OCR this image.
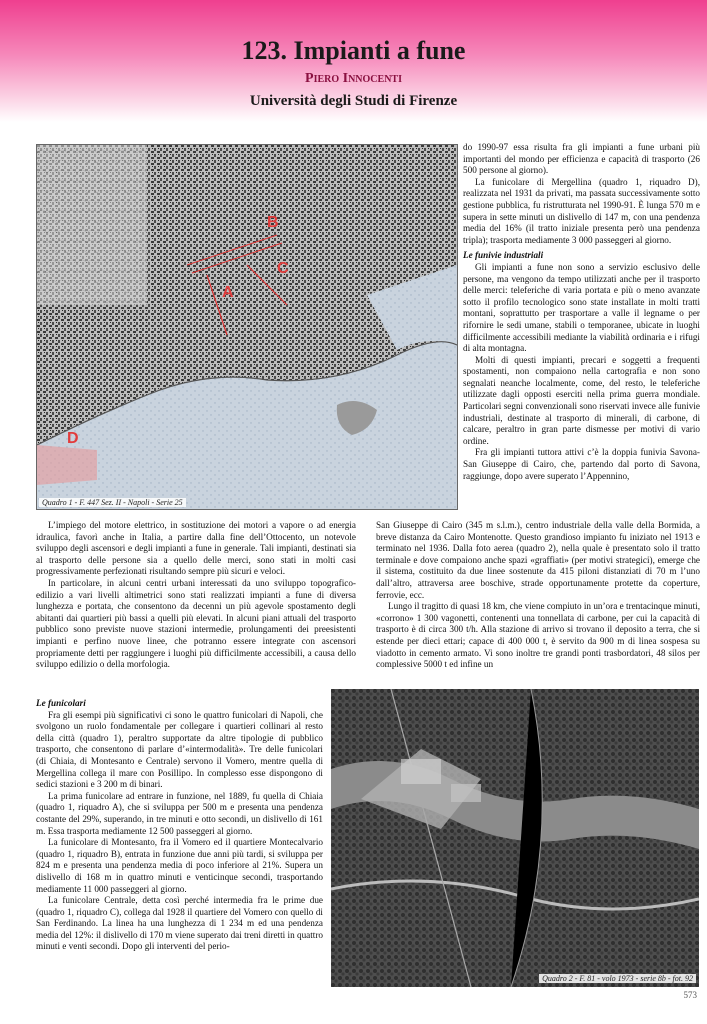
123. Impianti a fune
Piero Innocenti
Università degli Studi di Firenze
B
C
A
D
Quadro 1 - F. 447 Sez. II - Napoli - Serie 25

do 1990-97 essa risulta fra gli impianti a fune urbani più importanti del mondo per efficienza e capacità di trasporto (26 500 persone al giorno).

La funicolare di Mergellina (quadro 1, riquadro D), realizzata nel 1931 da privati, ma passata successivamente sotto gestione pubblica, fu ristrutturata nel 1990-91. È lunga 570 m e supera in sette minuti un dislivello di 147 m, con una pendenza media del 16% (il tratto iniziale presenta però una pendenza tripla); trasporta mediamente 3 000 passeggeri al giorno.

Le funivie industriali

Gli impianti a fune non sono a servizio esclusivo delle persone, ma vengono da tempo utilizzati anche per il trasporto delle merci: teleferiche di varia portata e più o meno avanzate sotto il profilo tecnologico sono state installate in molti tratti montani, soprattutto per trasportare a valle il legname o per rifornire le sedi umane, stabili o temporanee, ubicate in luoghi difficilmente accessibili mediante la viabilità ordinaria e i rifugi di alta montagna.

Molti di questi impianti, precari e soggetti a frequenti spostamenti, non compaiono nella cartografia e non sono segnalati neanche localmente, come, del resto, le teleferiche utilizzate dagli opposti eserciti nella prima guerra mondiale. Particolari segni convenzionali sono riservati invece alle funivie industriali, destinate al trasporto di minerali, di carbone, di calcare, peraltro in gran parte dismesse per motivi di vario ordine.

Fra gli impianti tuttora attivi c’è la doppia funivia Savona-San Giuseppe di Cairo, che, partendo dal porto di Savona, raggiunge, dopo avere superato l’Appennino,

L’impiego del motore elettrico, in sostituzione dei motori a vapore o ad energia idraulica, favorì anche in Italia, a partire dalla fine dell’Ottocento, un notevole sviluppo degli ascensori e degli impianti a fune in generale. Tali impianti, destinati sia al trasporto delle persone sia a quello delle merci, sono stati in molti casi progressivamente perfezionati risultando sempre più sicuri e veloci.

In particolare, in alcuni centri urbani interessati da uno sviluppo topografico-edilizio a vari livelli altimetrici sono stati realizzati impianti a fune di diversa lunghezza e portata, che consentono da decenni un più agevole spostamento degli abitanti dai quartieri più bassi a quelli più elevati. In alcuni piani attuali del trasporto pubblico sono previste nuove stazioni intermedie, prolungamenti dei preesistenti impianti e perfino nuove linee, che potranno essere integrate con ascensori propriamente detti per raggiungere i luoghi più difficilmente accessibili, a causa dello sviluppo edilizio o della morfologia.

San Giuseppe di Cairo (345 m s.l.m.), centro industriale della valle della Bormida, a breve distanza da Cairo Montenotte. Questo grandioso impianto fu iniziato nel 1913 e terminato nel 1936. Dalla foto aerea (quadro 2), nella quale è presentato solo il tratto terminale e dove compaiono anche spazi «graffiati» (per motivi strategici), emerge che il sistema, costituito da due linee sostenute da 415 piloni distanziati di 70 m l’uno dall’altro, attraversa aree boschive, strade opportunamente protette da coperture, ferrovie, ecc.

Lungo il tragitto di quasi 18 km, che viene compiuto in un’ora e trentacinque minuti, «corrono» 1 300 vagonetti, contenenti una tonnellata di carbone, per cui la capacità di trasporto è di circa 300 t/h. Alla stazione di arrivo si trovano il deposito a terra, che si estende per dieci ettari; capace di 400 000 t, è servito da 900 m di linea sospesa su viadotto in cemento armato. Vi sono inoltre tre grandi ponti trasbordatori, 48 silos per complessive 5000 t ed infine un

Le funicolari

Fra gli esempi più significativi ci sono le quattro funicolari di Napoli, che svolgono un ruolo fondamentale per collegare i quartieri collinari al resto della città (quadro 1), peraltro supportate da altre tipologie di pubblico trasporto, che consentono di parlare d’«intermodalità». Tre delle funicolari (di Chiaia, di Montesanto e Centrale) servono il Vomero, mentre quella di Mergellina collega il mare con Posillipo. In complesso esse dispongono di sedici stazioni e 3 200 m di binari.

La prima funicolare ad entrare in funzione, nel 1889, fu quella di Chiaia (quadro 1, riquadro A), che si sviluppa per 500 m e presenta una pendenza costante del 29%, superando, in tre minuti e otto secondi, un dislivello di 161 m. Essa trasporta mediamente 12 500 passeggeri al giorno.

La funicolare di Montesanto, fra il Vomero ed il quartiere Montecalvario (quadro 1, riquadro B), entrata in funzione due anni più tardi, si sviluppa per 824 m e presenta una pendenza media di poco inferiore al 21%. Supera un dislivello di 168 m in quattro minuti e venticinque secondi, trasportando mediamente 11 000 passeggeri al giorno.

La funicolare Centrale, detta così perché intermedia fra le prime due (quadro 1, riquadro C), collega dal 1928 il quartiere del Vomero con quello di San Ferdinando. La linea ha una lunghezza di 1 234 m ed una pendenza media del 12%: il dislivello di 170 m viene superato dai treni diretti in quattro minuti e venti secondi. Dopo gli interventi del perio-

Quadro 2 - F. 81 - volo 1973 - serie 8b - fot. 92
573
